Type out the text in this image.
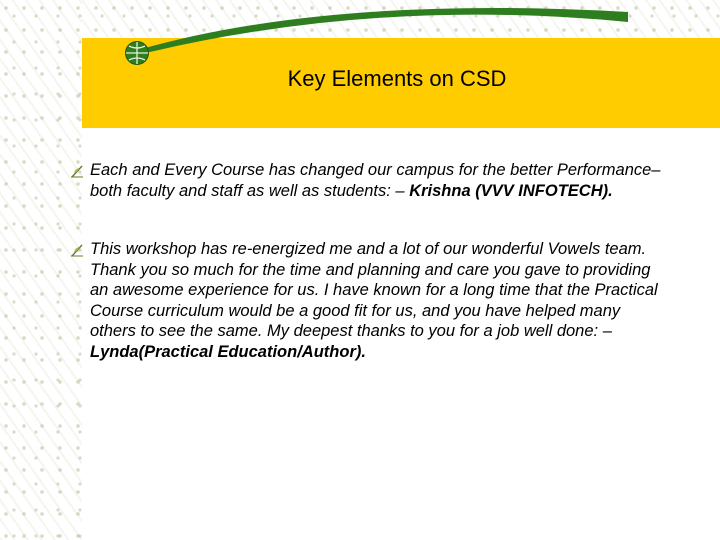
Key Elements on CSD
Each and Every Course has changed our campus for the better Performance–both faculty and staff as well as students: – Krishna (VVV INFOTECH).
This workshop has re-energized me and a lot of our wonderful Vowels team. Thank you so much for the time and planning and care you gave to providing an awesome experience for us. I have known for a long time that the Practical Course curriculum would be a good fit for us, and you have helped many others to see the same. My deepest thanks to you for a job well done: – Lynda(Practical Education/Author).
